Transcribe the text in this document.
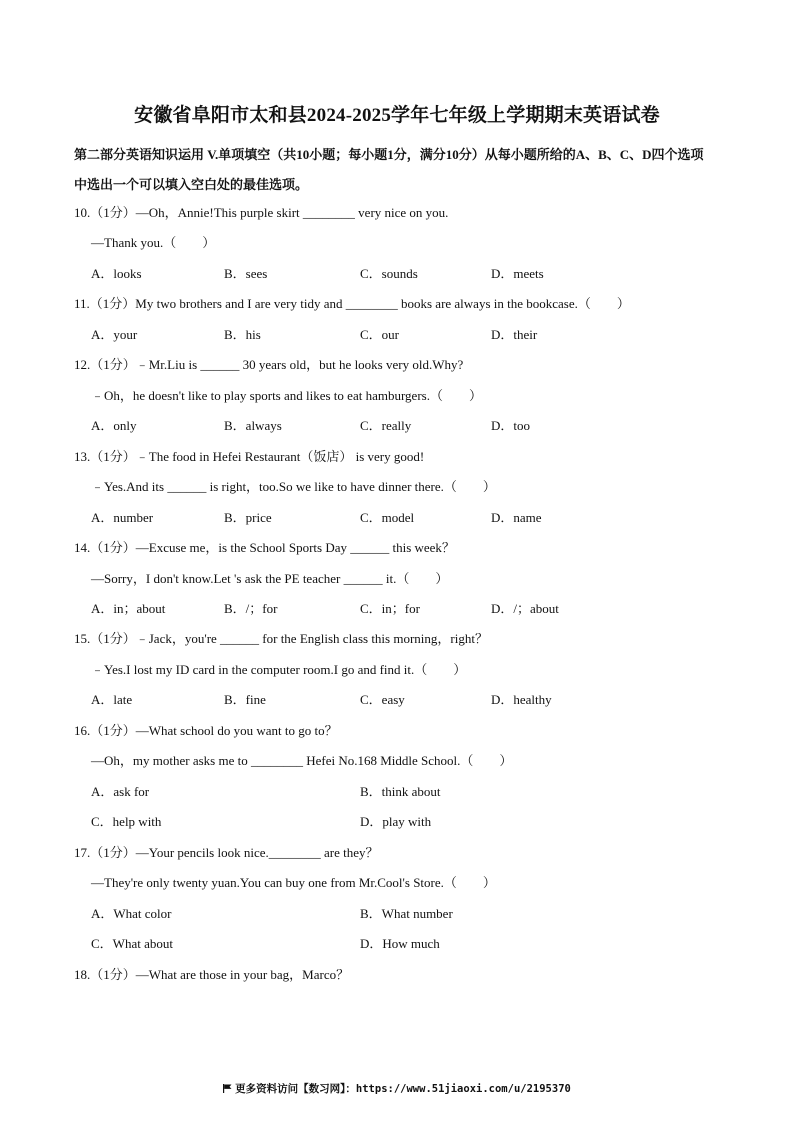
安徽省阜阳市太和县2024-2025学年七年级上学期期末英语试卷
第二部分英语知识运用 V.单项填空（共10小题；每小题1分，满分10分）从每小题所给的A、B、C、D四个选项中选出一个可以填入空白处的最佳选项。
10.（1分）—Oh，Annie!This purple skirt ________ very nice on you.
—Thank you.（　　）
A．looks	B．sees	C．sounds	D．meets
11.（1分）My two brothers and I are very tidy and ________ books are always in the bookcase.（　　）
A．your	B．his	C．our	D．their
12.（1分）﹣Mr.Liu is ______ 30 years old，but he looks very old.Why?
﹣Oh，he doesn't like to play sports and likes to eat hamburgers.（　　）
A．only	B．always	C．really	D．too
13.（1分）﹣The food in Hefei Restaurant（饭店） is very good!
﹣Yes.And its ______ is right，too.So we like to have dinner there.（　　）
A．number	B．price	C．model	D．name
14.（1分）—Excuse me，is the School Sports Day ______ this week？
—Sorry，I don't know.Let 's ask the PE teacher ______ it.（　　）
A．in；about	B．/；for	C．in；for	D．/；about
15.（1分）﹣Jack，you're ______ for the English class this morning，right？
﹣Yes.I lost my ID card in the computer room.I go and find it.（　　）
A．late	B．fine	C．easy	D．healthy
16.（1分）—What school do you want to go to？
—Oh，my mother asks me to ________ Hefei No.168 Middle School.（　　）
A．ask for	B．think about
C．help with	D．play with
17.（1分）—Your pencils look nice.________ are they？
—They're only twenty yuan.You can buy one from Mr.Cool's Store.（　　）
A．What color	B．What number
C．What about	D．How much
18.（1分）—What are those in your bag，Marco？
更多资料访问【数习网】：https://www.51jiaoxi.com/u/2195370
